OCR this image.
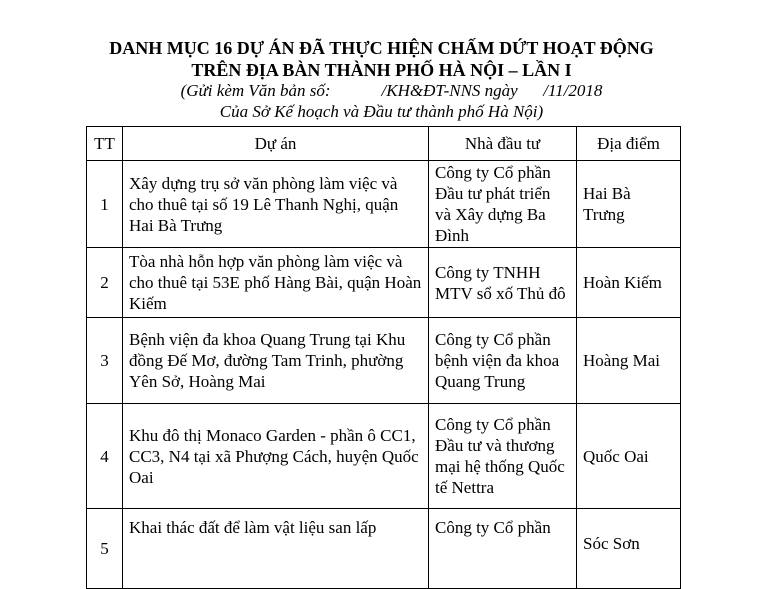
DANH MỤC 16 DỰ ÁN ĐÃ THỰC HIỆN CHẤM DỨT HOẠT ĐỘNG
TRÊN ĐỊA BÀN THÀNH PHỐ HÀ NỘI – LẦN I
(Gửi kèm Văn bản số:            /KH&ĐT-NNS ngày      /11/2018
Của Sở Kế hoạch và Đầu tư thành phố Hà Nội)
TT	Dự án	Nhà đầu tư	Địa điểm
1	Xây dựng trụ sở văn phòng làm việc và cho thuê tại số 19 Lê Thanh Nghị, quận Hai Bà Trưng	Công ty Cổ phần Đầu tư phát triển và Xây dựng Ba Đình	Hai Bà Trưng
2	Tòa nhà hỗn hợp văn phòng làm việc và cho thuê tại 53E phố Hàng Bài, quận Hoàn Kiếm	Công ty TNHH MTV sổ xố Thủ đô	Hoàn Kiếm
3	Bệnh viện đa khoa Quang Trung tại Khu đồng Đế Mơ, đường Tam Trinh, phường Yên Sở, Hoàng Mai	Công ty Cổ phần bệnh viện đa khoa Quang Trung	Hoàng Mai
4	Khu đô thị Monaco Garden - phần ô CC1, CC3, N4 tại xã Phượng Cách, huyện Quốc Oai	Công ty Cổ phần Đầu tư và thương mại hệ thống Quốc tế Nettra	Quốc Oai
5	Khai thác đất để làm vật liệu san lấp	Công ty Cổ phần	Sóc Sơn
